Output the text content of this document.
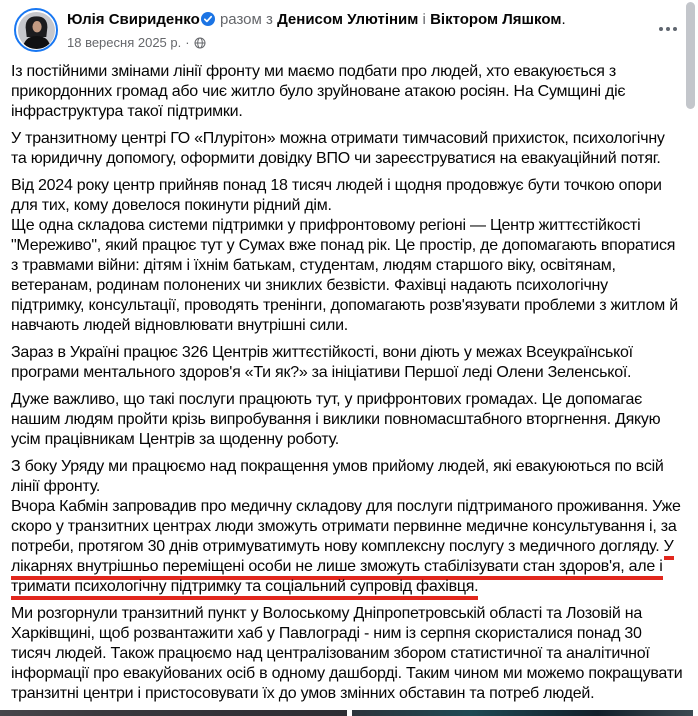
Юлія Свириденко разом з Денисом Улютіним і Віктором Ляшком.
18 вересня 2025 р. ·

Із постійними змінами лінії фронту ми маємо подбати про людей, хто евакуюється з прикордонних громад або чиє житло було зруйноване атакою росіян. На Сумщині діє інфраструктура такої підтримки.

У транзитному центрі ГО «Плурітон» можна отримати тимчасовий прихисток, психологічну та юридичну допомогу, оформити довідку ВПО чи зареєструватися на евакуаційний потяг.

Від 2024 року центр прийняв понад 18 тисяч людей і щодня продовжує бути точкою опори для тих, кому довелося покинути рідний дім.
Ще одна складова системи підтримки у прифронтовому регіоні — Центр життєстійкості "Мереживо", який працює тут у Сумах вже понад рік. Це простір, де допомагають впоратися з травмами війни: дітям і їхнім батькам, студентам, людям старшого віку, освітянам, ветеранам, родинам полонених чи зниклих безвісти. Фахівці надають психологічну підтримку, консультації, проводять тренінги, допомагають розв'язувати проблеми з житлом й навчають людей відновлювати внутрішні сили.

Зараз в Україні працює 326 Центрів життєстійкості, вони діють у межах Всеукраїнської програми ментального здоров'я «Ти як?» за ініціативи Першої леді Олени Зеленської.

Дуже важливо, що такі послуги працюють тут, у прифронтових громадах. Це допомагає нашим людям пройти крізь випробування і виклики повномасштабного вторгнення. Дякую усім працівникам Центрів за щоденну роботу.

З боку Уряду ми працюємо над покращення умов прийому людей, які евакуюються по всій лінії фронту.
Вчора Кабмін запровадив про медичну складову для послуги підтриманого проживання. Уже скоро у транзитних центрах люди зможуть отримати первинне медичне консультування і, за потреби, протягом 30 днів отримуватимуть нову комплексну послугу з медичного догляду. У лікарнях внутрішньо переміщені особи не лише зможуть стабілізувати стан здоров'я, але і тримати психологічну підтримку та соціальний супровід фахівця.

Ми розгорнули транзитний пункт у Волоському Дніпропетровській області та Лозовій на Харківщині, щоб розвантажити хаб у Павлограді - ним із серпня скористалися понад 30 тисяч людей. Також працюємо над централізованим збором статистичної та аналітичної інформації про евакуйованих осіб в одному дашборді. Таким чином ми можемо покращувати транзитні центри і пристосовувати їх до умов змінних обставин та потреб людей.
